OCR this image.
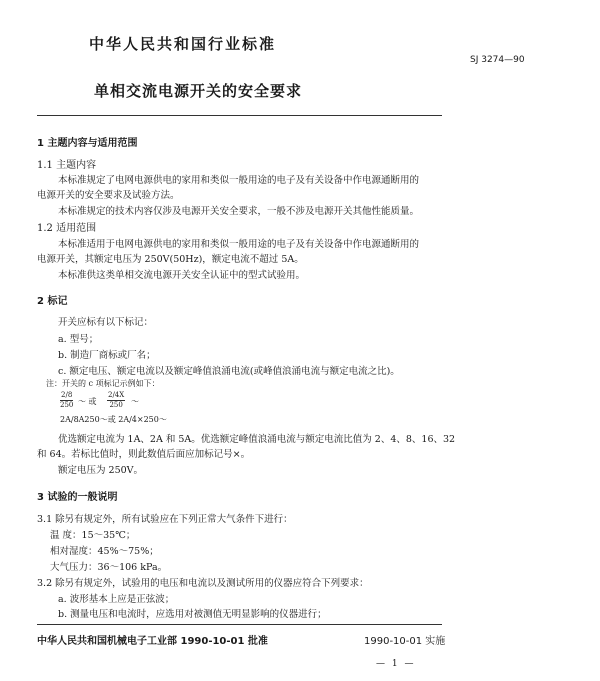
中华人民共和国行业标准
SJ 3274—90
单相交流电源开关的安全要求
1 主题内容与适用范围
1.1 主题内容
本标准规定了电网电源供电的家用和类似一般用途的电子及有关设备中作电源通断用的
电源开关的安全要求及试验方法。
本标准规定的技术内容仅涉及电源开关安全要求，一般不涉及电源开关其他性能质量。
1.2 适用范围
本标准适用于电网电源供电的家用和类似一般用途的电子及有关设备中作电源通断用的
电源开关，其额定电压为 250V(50Hz)，额定电流不超过 5A。
本标准供这类单相交流电源开关安全认证中的型式试验用。
2 标记
开关应标有以下标记：
a. 型号；
b. 制造厂商标或厂名；
c. 额定电压、额定电流以及额定峰值浪涌电流(或峰值浪涌电流与额定电流之比)。
注：开关的 c 项标记示例如下：
$\frac{2/8}{250}$ ～ 或 $\frac{2/4X}{250}$ ～
2A/8A250～或 2A/4×250～
优选额定电流为 1A、2A 和 5A。优选额定峰值浪涌电流与额定电流比值为 2、4、8、16、32
和 64。若标比值时，则此数值后面应加标记号×。
额定电压为 250V。
3 试验的一般说明
3.1 除另有规定外，所有试验应在下列正常大气条件下进行：
温 度：15～35℃；
相对湿度：45%～75%；
大气压力：36～106 kPa。
3.2 除另有规定外，试验用的电压和电流以及测试所用的仪器应符合下列要求：
a. 波形基本上应是正弦波；
b. 测量电压和电流时，应选用对被测值无明显影响的仪器进行；
中华人民共和国机械电子工业部 1990-10-01 批准	1990-10-01 实施
— 1 —
